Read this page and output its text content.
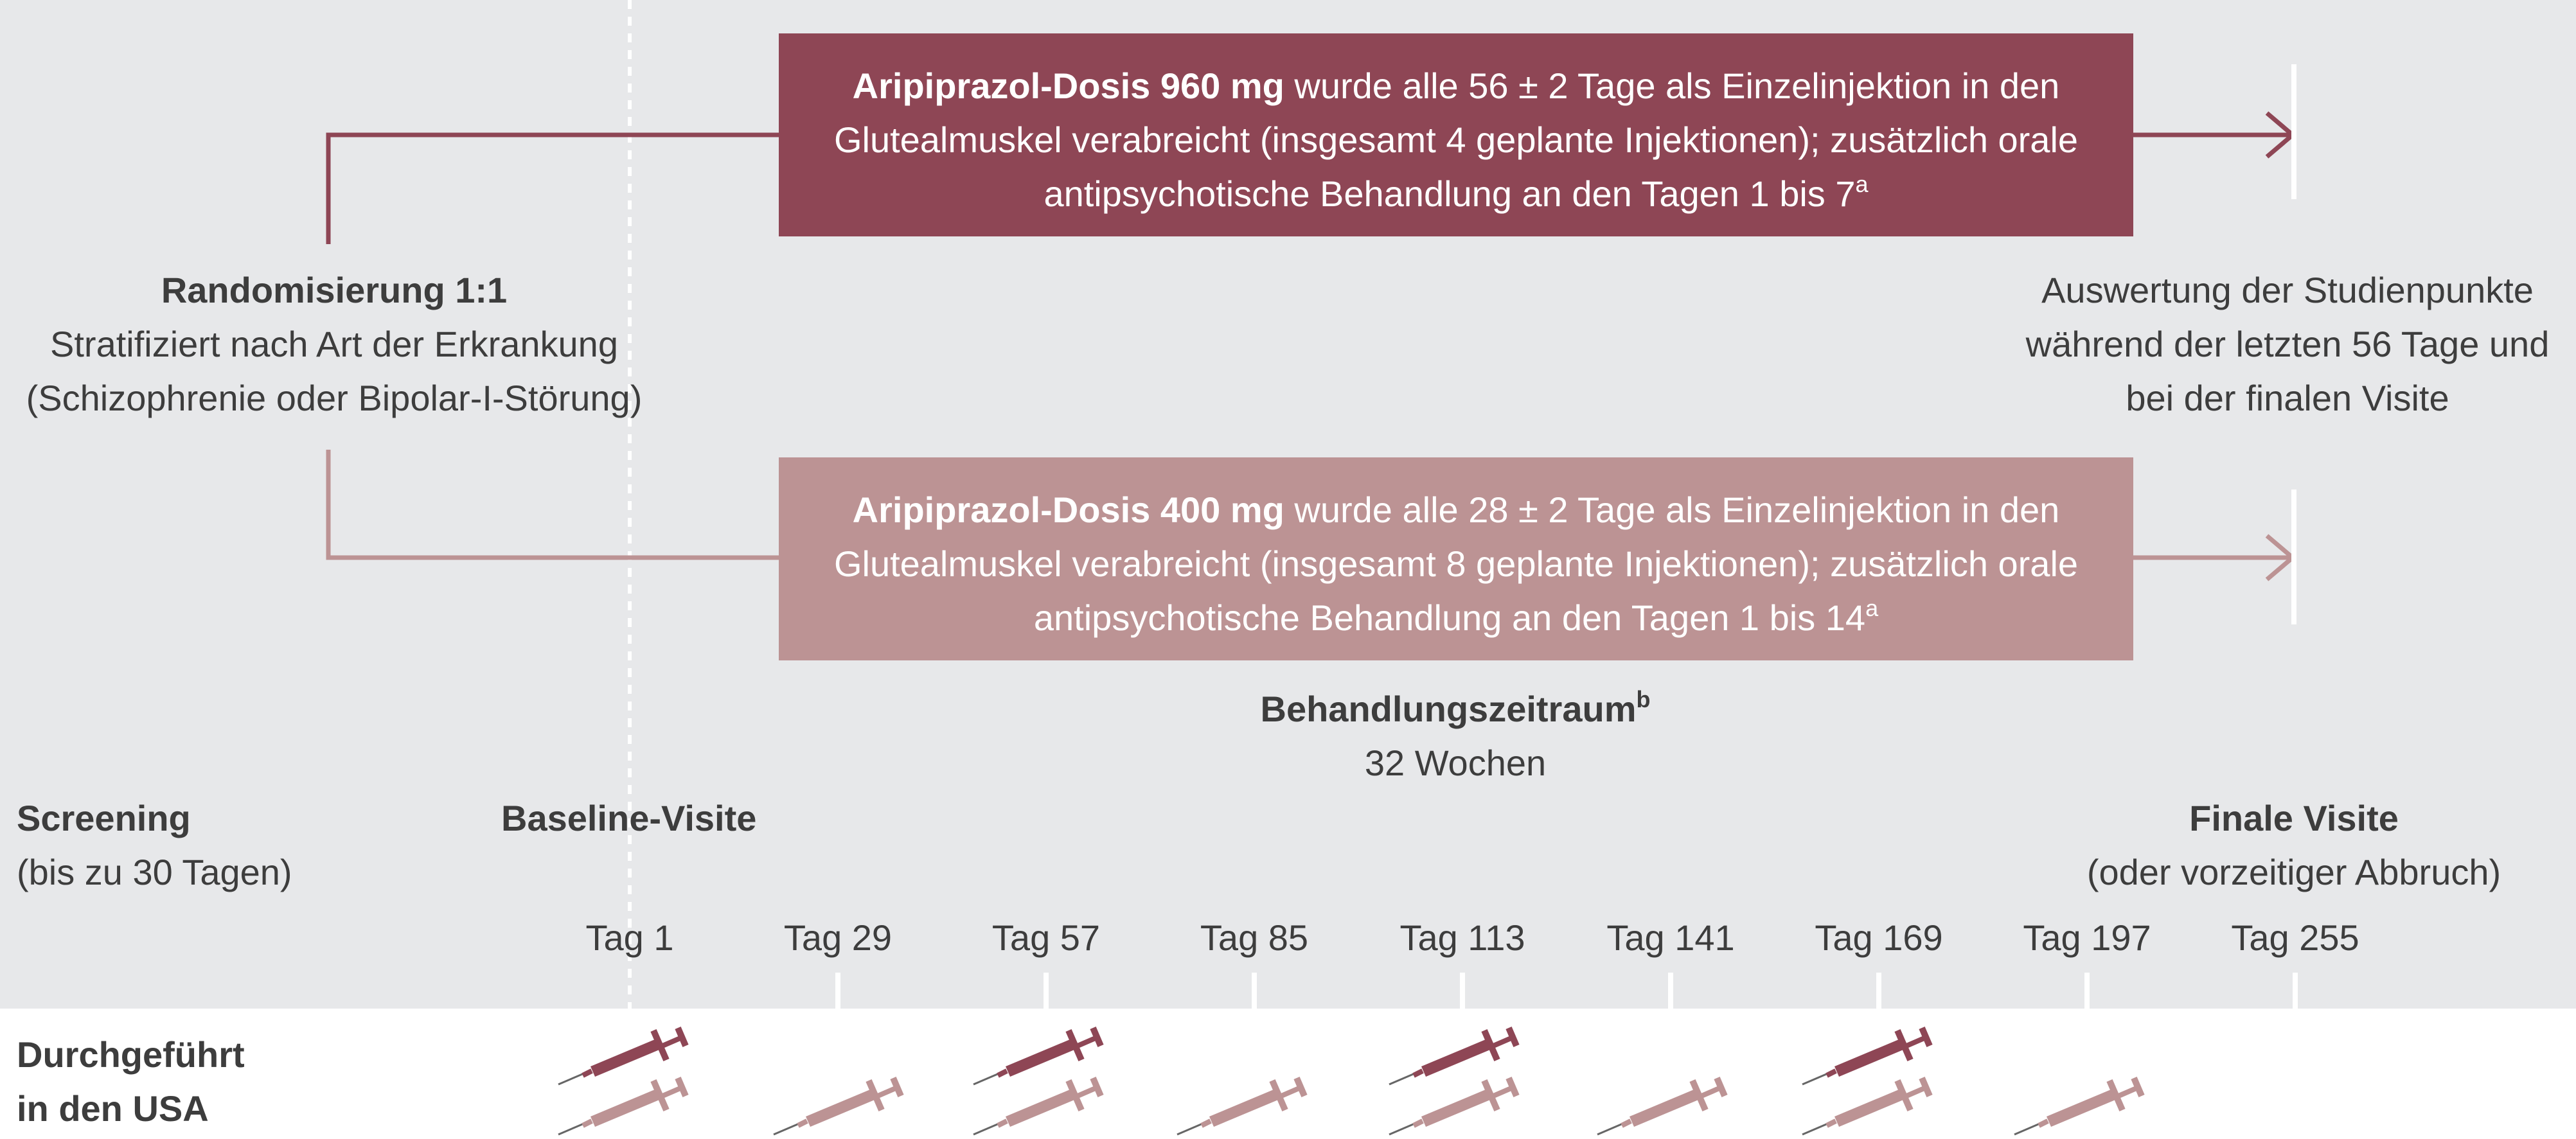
Aripiprazol-Dosis 960 mg wurde alle 56 ± 2 Tage als Einzelinjektion in den
Glutealmuskel verabreicht (insgesamt 4 geplante Injektionen); zusätzlich orale
antipsychotische Behandlung an den Tagen 1 bis 7$^a$
Aripiprazol-Dosis 400 mg wurde alle 28 ± 2 Tage als Einzelinjektion in den
Glutealmuskel verabreicht (insgesamt 8 geplante Injektionen); zusätzlich orale
antipsychotische Behandlung an den Tagen 1 bis 14$^a$
Randomisierung 1:1
Stratifiziert nach Art der Erkrankung
(Schizophrenie oder Bipolar-I-Störung)
Auswertung der Studienpunkte
während der letzten 56 Tage und
bei der finalen Visite
Behandlungszeitraum$^b$
32 Wochen
Screening
(bis zu 30 Tagen)
Baseline-Visite	Finale Visite
(oder vorzeitiger Abbruch)
Tag 1	Tag 29	Tag 57	Tag 85	Tag 113 Tag 141 Tag 169 Tag 197 Tag 255
Durchgeführt
in den USA
